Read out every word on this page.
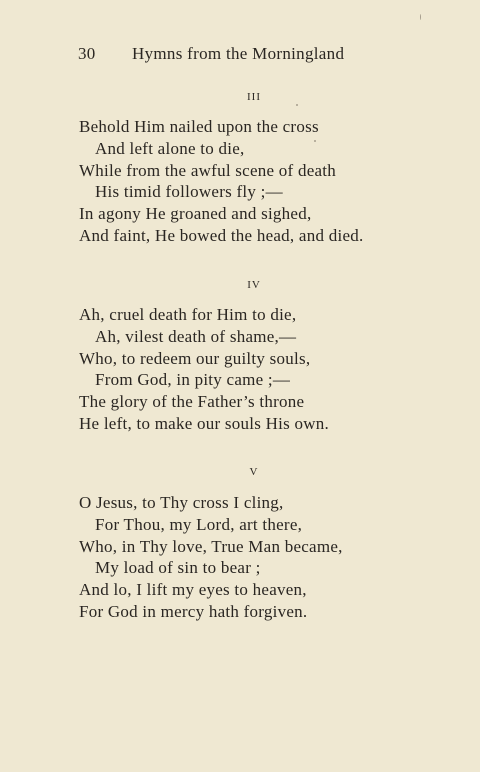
30 Hymns from the Morningland
III
Behold Him nailed upon the cross
And left alone to die,
While from the awful scene of death
His timid followers fly ;—
In agony He groaned and sighed,
And faint, He bowed the head, and died.
IV
Ah, cruel death for Him to die,
Ah, vilest death of shame,—
Who, to redeem our guilty souls,
From God, in pity came ;—
The glory of the Father’s throne
He left, to make our souls His own.
V
O Jesus, to Thy cross I cling,
For Thou, my Lord, art there,
Who, in Thy love, True Man became,
My load of sin to bear ;
And lo, I lift my eyes to heaven,
For God in mercy hath forgiven.
